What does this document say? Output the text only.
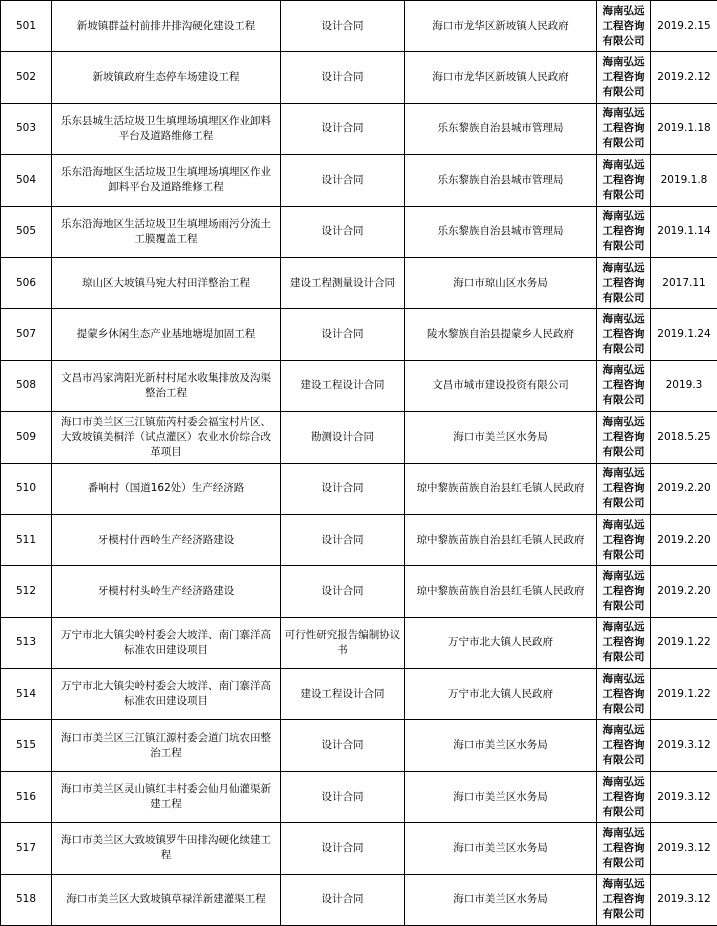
501	新坡镇群益村前排井排沟硬化建设工程	设计合同	海口市龙华区新坡镇人民政府	海南弘远工程咨询有限公司	2019.2.15
502	新坡镇政府生态停车场建设工程	设计合同	海口市龙华区新坡镇人民政府	海南弘远工程咨询有限公司	2019.2.12
503	乐东县城生活垃圾卫生填埋场填埋区作业卸料平台及道路维修工程	设计合同	乐东黎族自治县城市管理局	海南弘远工程咨询有限公司	2019.1.18
504	乐东沿海地区生活垃圾卫生填埋场填埋区作业卸料平台及道路维修工程	设计合同	乐东黎族自治县城市管理局	海南弘远工程咨询有限公司	2019.1.8
505	乐东沿海地区生活垃圾卫生填埋场雨污分流土工膜覆盖工程	设计合同	乐东黎族自治县城市管理局	海南弘远工程咨询有限公司	2019.1.14
506	琼山区大坡镇马宛大村田洋整治工程	建设工程测量设计合同	海口市琼山区水务局	海南弘远工程咨询有限公司	2017.11
507	提蒙乡休闲生态产业基地塘堤加固工程	设计合同	陵水黎族自治县提蒙乡人民政府	海南弘远工程咨询有限公司	2019.1.24
508	文昌市冯家湾阳光新村村尾水收集排放及沟渠整治工程	建设工程设计合同	文昌市城市建设投资有限公司	海南弘远工程咨询有限公司	2019.3
509	海口市美兰区三江镇茄芮村委会福宝村片区、大致坡镇美桐洋（试点灌区）农业水价综合改革项目	勘测设计合同	海口市美兰区水务局	海南弘远工程咨询有限公司	2018.5.25
510	番响村（国道162处）生产经济路	设计合同	琼中黎族苗族自治县红毛镇人民政府	海南弘远工程咨询有限公司	2019.2.20
511	牙模村什西岭生产经济路建设	设计合同	琼中黎族苗族自治县红毛镇人民政府	海南弘远工程咨询有限公司	2019.2.20
512	牙模村村头岭生产经济路建设	设计合同	琼中黎族苗族自治县红毛镇人民政府	海南弘远工程咨询有限公司	2019.2.20
513	万宁市北大镇尖岭村委会大坡洋、南门寨洋高标准农田建设项目	可行性研究报告编制协议书	万宁市北大镇人民政府	海南弘远工程咨询有限公司	2019.1.22
514	万宁市北大镇尖岭村委会大坡洋、南门寨洋高标准农田建设项目	建设工程设计合同	万宁市北大镇人民政府	海南弘远工程咨询有限公司	2019.1.22
515	海口市美兰区三江镇江源村委会道门坑农田整治工程	设计合同	海口市美兰区水务局	海南弘远工程咨询有限公司	2019.3.12
516	海口市美兰区灵山镇红丰村委会仙月仙灌渠新建工程	设计合同	海口市美兰区水务局	海南弘远工程咨询有限公司	2019.3.12
517	海口市美兰区大致坡镇罗牛田排沟硬化续建工程	设计合同	海口市美兰区水务局	海南弘远工程咨询有限公司	2019.3.12
518	海口市美兰区大致坡镇草禄洋新建灌渠工程	设计合同	海口市美兰区水务局	海南弘远工程咨询有限公司	2019.3.12
